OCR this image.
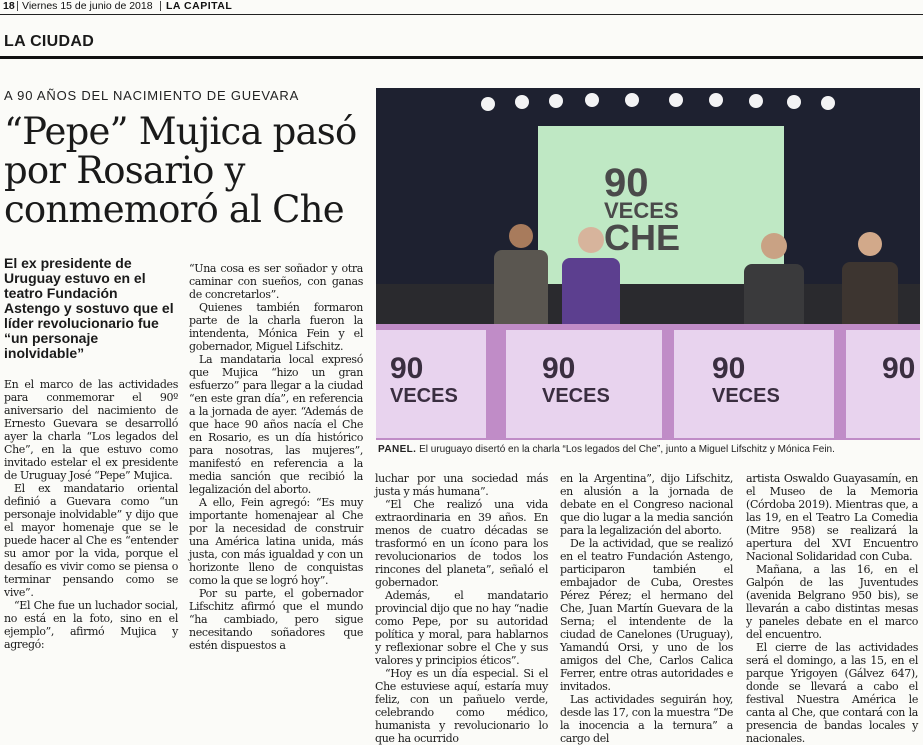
18 Viernes 15 de junio de 2018 LA CAPITAL
LA CIUDAD
A 90 AÑOS DEL NACIMIENTO DE GUEVARA
“Pepe” Mujica pasó por Rosario y conmemoró al Che
El ex presidente de Uruguay estuvo en el teatro Fundación Astengo y sostuvo que el líder revolucionario fue “un personaje inolvidable”

En el marco de las actividades para conmemorar el 90º aniversario del nacimiento de Ernesto Guevara se desarrolló ayer la charla “Los legados del Che”, en la que estuvo como invitado estelar el ex presidente de Uruguay José “Pepe” Mujica.

El ex mandatario oriental definió a Guevara como “un personaje inolvidable” y dijo que el mayor homenaje que se le puede hacer al Che es “entender su amor por la vida, porque el desafío es vivir como se piensa o terminar pensando como se vive”.

“El Che fue un luchador social, no está en la foto, sino en el ejemplo”, afirmó Mujica y agregó:

“Una cosa es ser soñador y otra caminar con sueños, con ganas de concretarlos”.

Quienes también formaron parte de la charla fueron la intendenta, Mónica Fein y el gobernador, Miguel Lifschitz.

La mandataria local expresó que Mujica “hizo un gran esfuerzo” para llegar a la ciudad “en este gran día”, en referencia a la jornada de ayer. “Además de que hace 90 años nacía el Che en Rosario, es un día histórico para nosotras, las mujeres”, manifestó en referencia a la media sanción que recibió la legalización del aborto.

A ello, Fein agregó: “Es muy importante homenajear al Che por la necesidad de construir una América latina unida, más justa, con más igualdad y con un horizonte lleno de conquistas como la que se logró hoy”.

Por su parte, el gobernador Lifschitz afirmó que el mundo “ha cambiado, pero sigue necesitando soñadores que estén dispuestos a

90
VECES
CHE
90
VECES
90
VECES
90
VECES
90
PANEL. El uruguayo disertó en la charla “Los legados del Che”, junto a Miguel Lifschitz y Mónica Fein.

luchar por una sociedad más justa y más humana”.

“El Che realizó una vida extraordinaria en 39 años. En menos de cuatro décadas se trasformó en un ícono para los revolucionarios de todos los rincones del planeta”, señaló el gobernador.

Además, el mandatario provincial dijo que no hay “nadie como Pepe, por su autoridad política y moral, para hablarnos y reflexionar sobre el Che y sus valores y principios éticos”.

“Hoy es un día especial. Si el Che estuviese aquí, estaría muy feliz, con un pañuelo verde, celebrando como médico, humanista y revolucionario lo que ha ocurrido

en la Argentina”, dijo Lifschitz, en alusión a la jornada de debate en el Congreso nacional que dio lugar a la media sanción para la legalización del aborto.

De la actividad, que se realizó en el teatro Fundación Astengo, participaron también el embajador de Cuba, Orestes Pérez Pérez; el hermano del Che, Juan Martín Guevara de la Serna; el intendente de la ciudad de Canelones (Uruguay), Yamandú Orsi, y uno de los amigos del Che, Carlos Calica Ferrer, entre otras autoridades e invitados.

Las actividades seguirán hoy, desde las 17, con la muestra “De la inocencia a la ternura” a cargo del

artista Oswaldo Guayasamín, en el Museo de la Memoria (Córdoba 2019). Mientras que, a las 19, en el Teatro La Comedia (Mitre 958) se realizará la apertura del XVI Encuentro Nacional Solidaridad con Cuba.

Mañana, a las 16, en el Galpón de las Juventudes (avenida Belgrano 950 bis), se llevarán a cabo distintas mesas y paneles debate en el marco del encuentro.

El cierre de las actividades será el domingo, a las 15, en el parque Yrigoyen (Gálvez 647), donde se llevará a cabo el festival Nuestra América le canta al Che, que contará con la presencia de bandas locales y nacionales.
